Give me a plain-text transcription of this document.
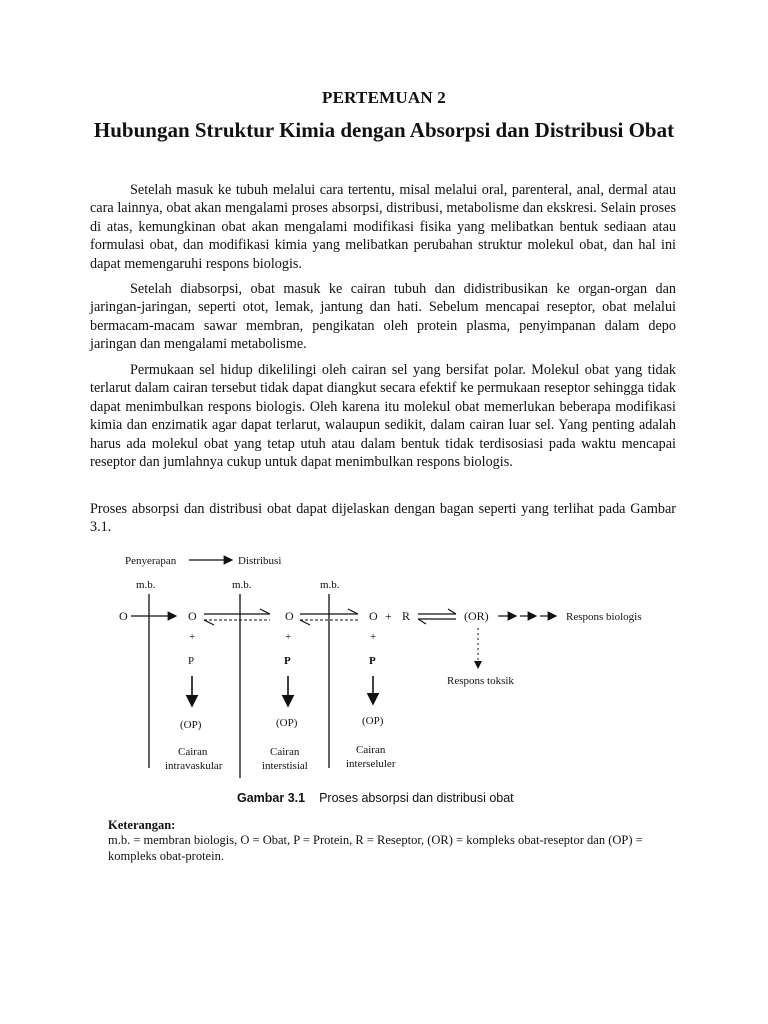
PERTEMUAN 2
Hubungan Struktur Kimia dengan Absorpsi dan Distribusi Obat

Setelah masuk ke tubuh melalui cara tertentu, misal melalui oral, parenteral, anal, dermal atau cara lainnya, obat akan mengalami proses absorpsi, distribusi, metabolisme dan ekskresi. Selain proses di atas, kemungkinan obat akan mengalami modifikasi fisika yang melibatkan bentuk sediaan atau formulasi obat, dan modifikasi kimia yang melibatkan perubahan struktur molekul obat, dan hal ini dapat memengaruhi respons biologis.

Setelah diabsorpsi, obat masuk ke cairan tubuh dan didistribusikan ke organ-organ dan jaringan-jaringan, seperti otot, lemak, jantung dan hati. Sebelum mencapai reseptor, obat melalui bermacam-macam sawar membran, pengikatan oleh protein plasma, penyimpanan dalam depo jaringan dan mengalami metabolisme.

Permukaan sel hidup dikelilingi oleh cairan sel yang bersifat polar. Molekul obat yang tidak terlarut dalam cairan tersebut tidak dapat diangkut secara efektif ke permukaan reseptor sehingga tidak dapat menimbulkan respons biologis. Oleh karena itu molekul obat memerlukan beberapa modifikasi kimia dan enzimatik agar dapat terlarut, walaupun sedikit, dalam cairan luar sel. Yang penting adalah harus ada molekul obat yang tetap utuh atau dalam bentuk tidak terdisosiasi pada waktu mencapai reseptor dan jumlahnya cukup untuk dapat menimbulkan respons biologis.

Proses absorpsi dan distribusi obat dapat dijelaskan dengan bagan seperti yang terlihat pada Gambar 3.1.

Penyerapan	Distribusi
m.b.	m.b.	m.b.
O	O	O	O + R	(OR)	Respons biologis
Respons toksik
+
P
(OP)
+
P
(OP)
+
P
(OP)
Cairan
intravaskular
Cairan
interstisial
Cairan
interseluler
Gambar 3.1 Proses absorpsi dan distribusi obat
Keterangan:
m.b. = membran biologis, O = Obat, P = Protein, R = Reseptor, (OR) = kompleks obat-reseptor dan (OP) = kompleks obat-protein.
